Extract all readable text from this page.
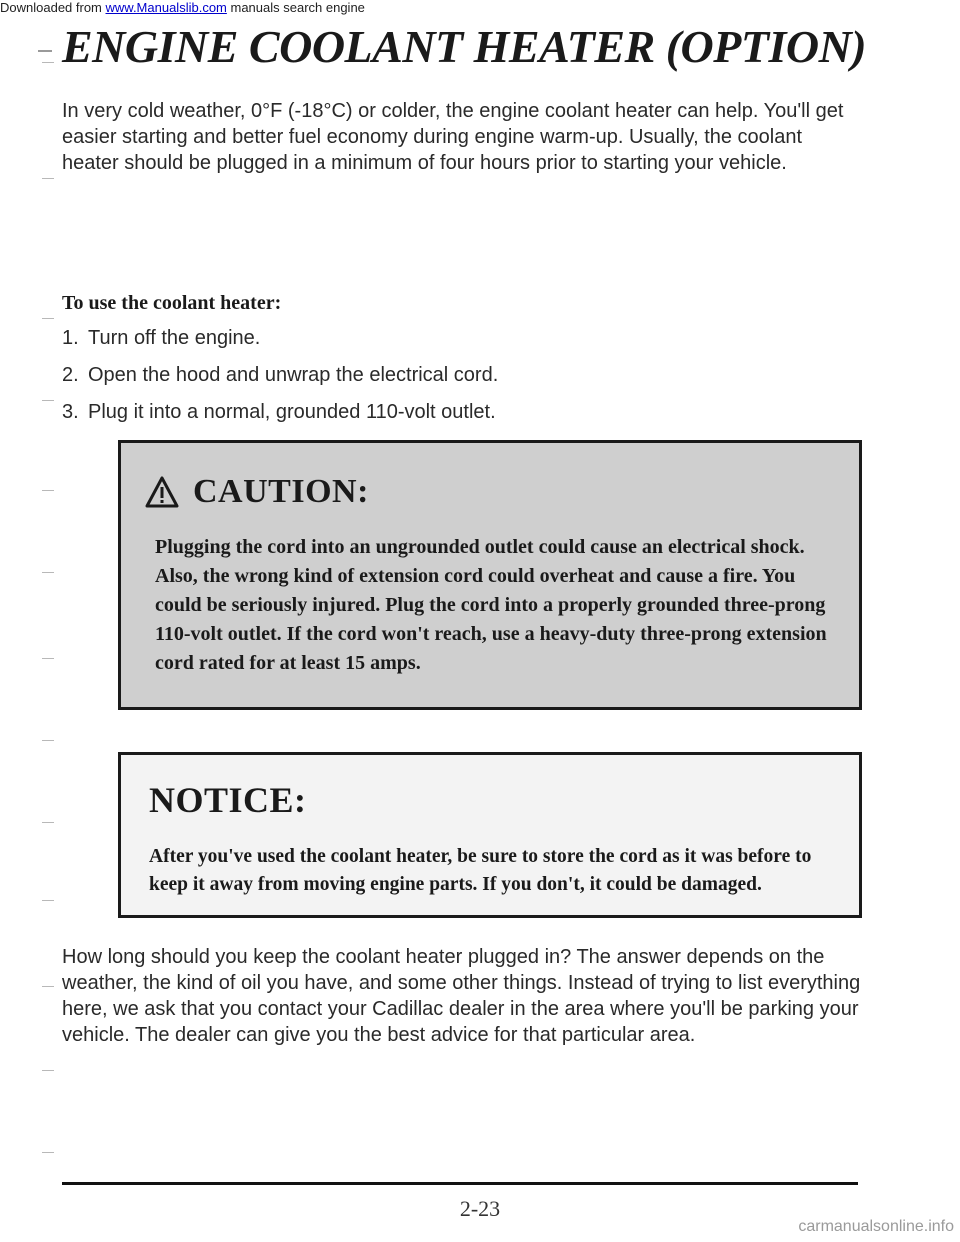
Downloaded from www.Manualslib.com manuals search engine
ENGINE COOLANT HEATER (OPTION)

In very cold weather, 0°F (-18°C) or colder, the engine coolant heater can help. You'll get easier starting and better fuel economy during engine warm-up. Usually, the coolant heater should be plugged in a minimum of four hours prior to starting your vehicle.

To use the coolant heater:

1. Turn off the engine.

2. Open the hood and unwrap the electrical cord.

3. Plug it into a normal, grounded 110-volt outlet.

CAUTION:

Plugging the cord into an ungrounded outlet could cause an electrical shock. Also, the wrong kind of extension cord could overheat and cause a fire. You could be seriously injured. Plug the cord into a properly grounded three-prong 110-volt outlet. If the cord won't reach, use a heavy-duty three-prong extension cord rated for at least 15 amps.

NOTICE:

After you've used the coolant heater, be sure to store the cord as it was before to keep it away from moving engine parts. If you don't, it could be damaged.

How long should you keep the coolant heater plugged in? The answer depends on the weather, the kind of oil you have, and some other things. Instead of trying to list everything here, we ask that you contact your Cadillac dealer in the area where you'll be parking your vehicle. The dealer can give you the best advice for that particular area.

2-23
carmanualsonline.info
